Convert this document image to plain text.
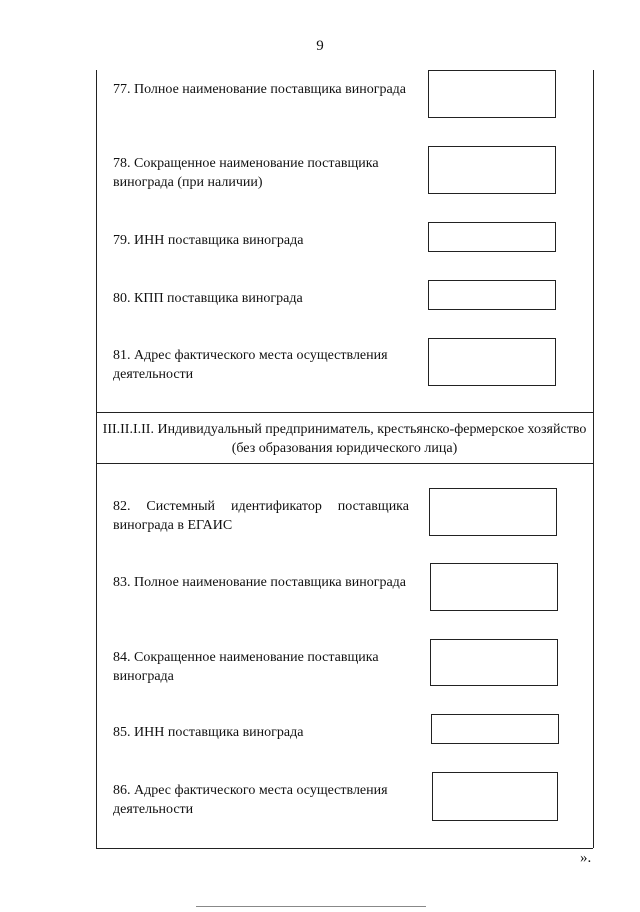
9
77. Полное наименование поставщика винограда
78. Сокращенное наименование поставщика винограда (при наличии)
79. ИНН поставщика винограда
80. КПП поставщика винограда
81. Адрес фактического места осуществления деятельности
III.II.I.II. Индивидуальный предприниматель, крестьянско-фермерское хозяйство (без образования юридического лица)
82. Системный идентификатор поставщика винограда в ЕГАИС
83. Полное наименование поставщика винограда
84. Сокращенное наименование поставщика винограда
85. ИНН поставщика винограда
86. Адрес фактического места осуществления деятельности
».
